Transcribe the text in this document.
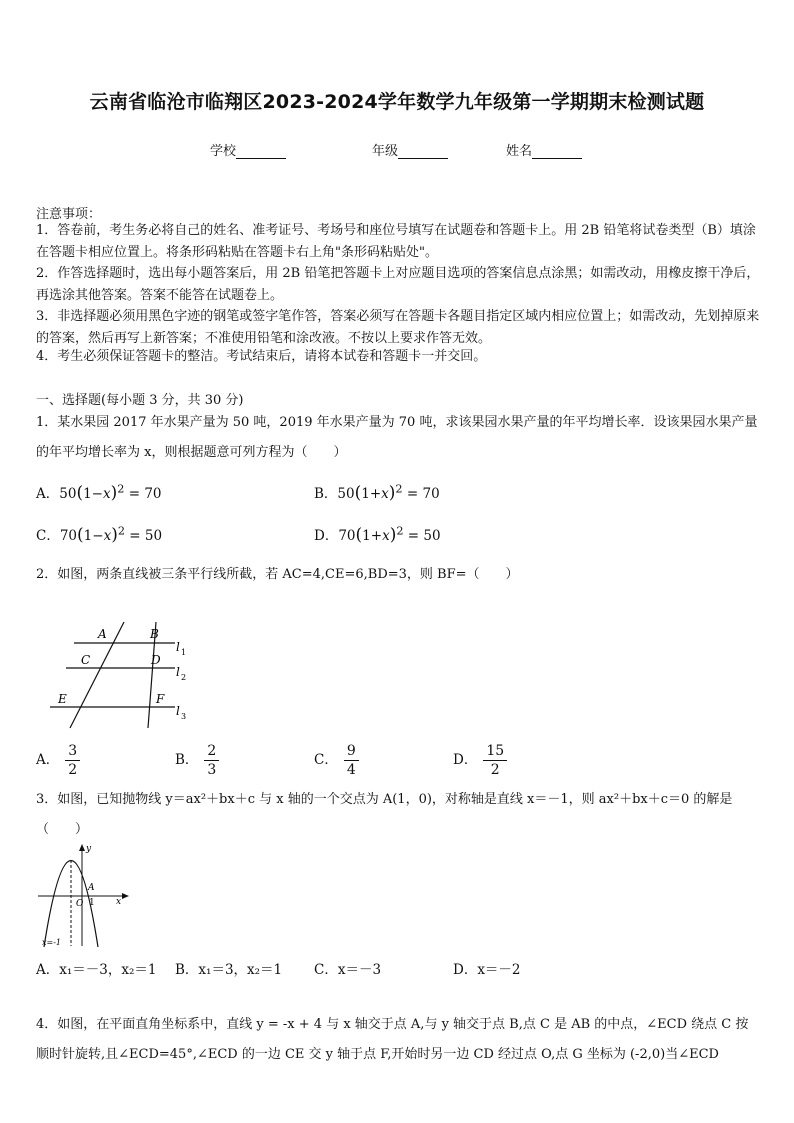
云南省临沧市临翔区2023-2024学年数学九年级第一学期期末检测试题
学校	年级	姓名
注意事项：
1．答卷前，考生务必将自己的姓名、准考证号、考场号和座位号填写在试题卷和答题卡上。用 2B 铅笔将试卷类型（B）填涂在答题卡相应位置上。将条形码粘贴在答题卡右上角"条形码粘贴处"。
2．作答选择题时，选出每小题答案后，用 2B 铅笔把答题卡上对应题目选项的答案信息点涂黑；如需改动，用橡皮擦干净后，再选涂其他答案。答案不能答在试题卷上。
3．非选择题必须用黑色字迹的钢笔或签字笔作答，答案必须写在答题卡各题目指定区域内相应位置上；如需改动，先划掉原来的答案，然后再写上新答案；不准使用铅笔和涂改液。不按以上要求作答无效。
4．考生必须保证答题卡的整洁。考试结束后，请将本试卷和答题卡一并交回。
一、选择题(每小题 3 分，共 30 分)
1．某水果园 2017 年水果产量为 50 吨，2019 年水果产量为 70 吨，求该果园水果产量的年平均增长率．设该果园水果产量的年平均增长率为 x，则根据题意可列方程为（　　）
A．$50(1-x)^2 = 70$	B．$50(1+x)^2 = 70$
C．$70(1-x)^2 = 50$	D．$70(1+x)^2 = 50$
2．如图，两条直线被三条平行线所截，若 AC=4,CE=6,BD=3，则 BF=（　　）
A	B
C	D
E	F
l 1
l 2
l 3
A． $\frac{3}{2}$	B． $\frac{2}{3}$	C． $\frac{9}{4}$	D． $\frac{15}{2}$
3．如图，已知抛物线 y＝ax²＋bx＋c 与 x 轴的一个交点为 A(1，0)，对称轴是直线 x＝－1，则 ax²＋bx＋c＝0 的解是（　　）
y
x
O
A
1
x=-1
A．x₁＝－3，x₂＝1 B．x₁＝3，x₂＝1 C．x＝－3	D．x＝－2
4．如图，在平面直角坐标系中，直线 y = -x + 4 与 x 轴交于点 A,与 y 轴交于点 B,点 C 是 AB 的中点，∠ECD 绕点 C 按顺时针旋转,且∠ECD=45°,∠ECD 的一边 CE 交 y 轴于点 F,开始时另一边 CD 经过点 O,点 G 坐标为 (-2,0)当∠ECD
